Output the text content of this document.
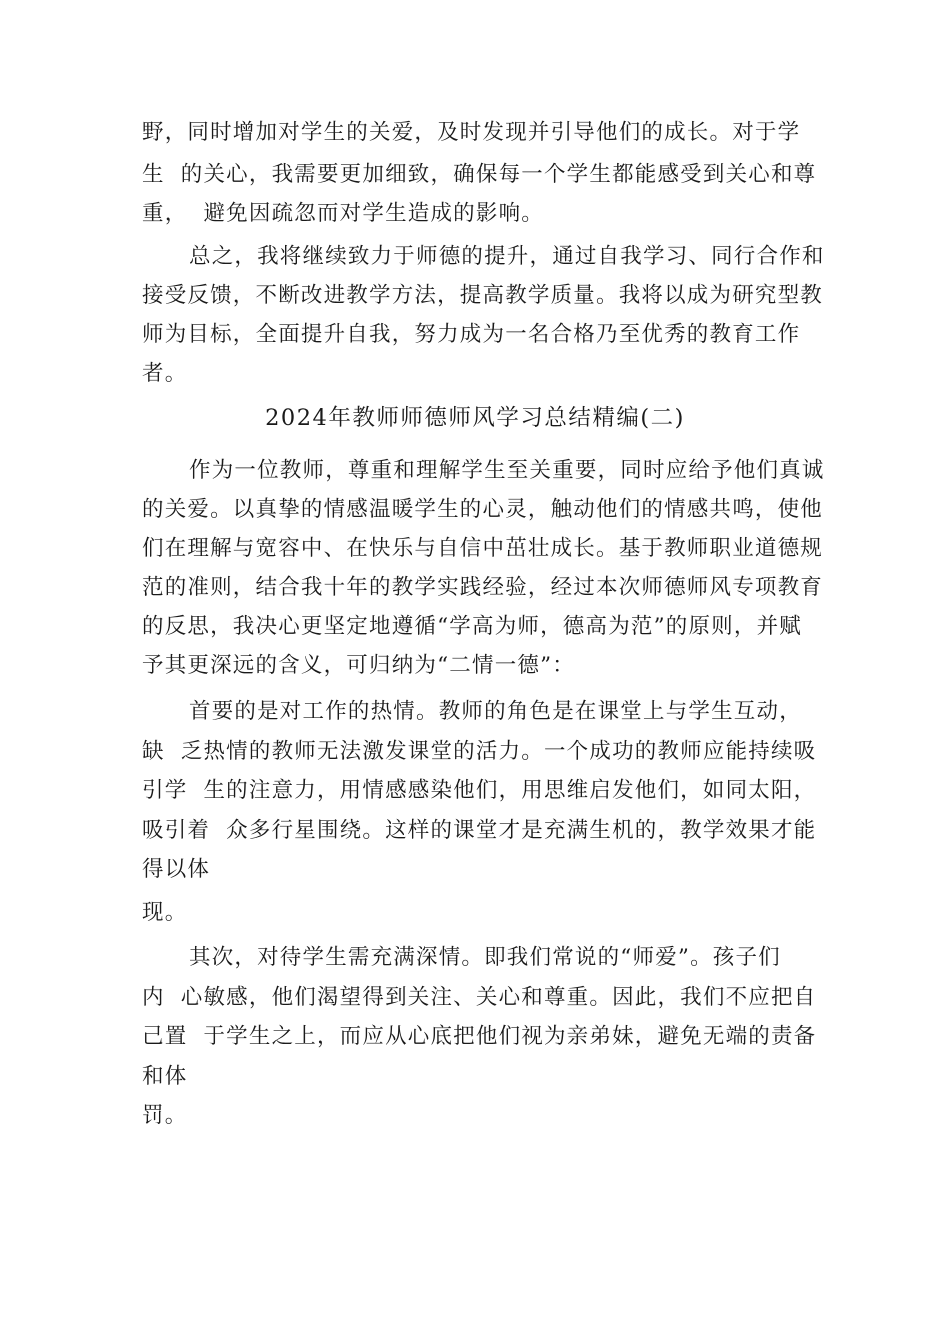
野，同时增加对学生的关爱，及时发现并引导他们的成长。对于学
生  的关心，我需要更加细致，确保每一个学生都能感受到关心和尊
重，  避免因疏忽而对学生造成的影响。
总之，我将继续致力于师德的提升，通过自我学习、同行合作和
接受反馈，不断改进教学方法，提高教学质量。我将以成为研究型教
师为目标，全面提升自我，努力成为一名合格乃至优秀的教育工作
者。
2024年教师师德师风学习总结精编(二)
作为一位教师，尊重和理解学生至关重要，同时应给予他们真诚
的关爱。以真挚的情感温暖学生的心灵，触动他们的情感共鸣，使他
们在理解与宽容中、在快乐与自信中茁壮成长。基于教师职业道德规
范的准则，结合我十年的教学实践经验，经过本次师德师风专项教育
的反思，我决心更坚定地遵循“学高为师，德高为范”的原则，并赋
予其更深远的含义，可归纳为“二情一德”：
首要的是对工作的热情。教师的角色是在课堂上与学生互动，
缺  乏热情的教师无法激发课堂的活力。一个成功的教师应能持续吸
引学  生的注意力，用情感感染他们，用思维启发他们，如同太阳，
吸引着  众多行星围绕。这样的课堂才是充满生机的，教学效果才能
得以体
现。
其次，对待学生需充满深情。即我们常说的“师爱”。孩子们
内  心敏感，他们渴望得到关注、关心和尊重。因此，我们不应把自
己置  于学生之上，而应从心底把他们视为亲弟妹，避免无端的责备
和体
罚。
